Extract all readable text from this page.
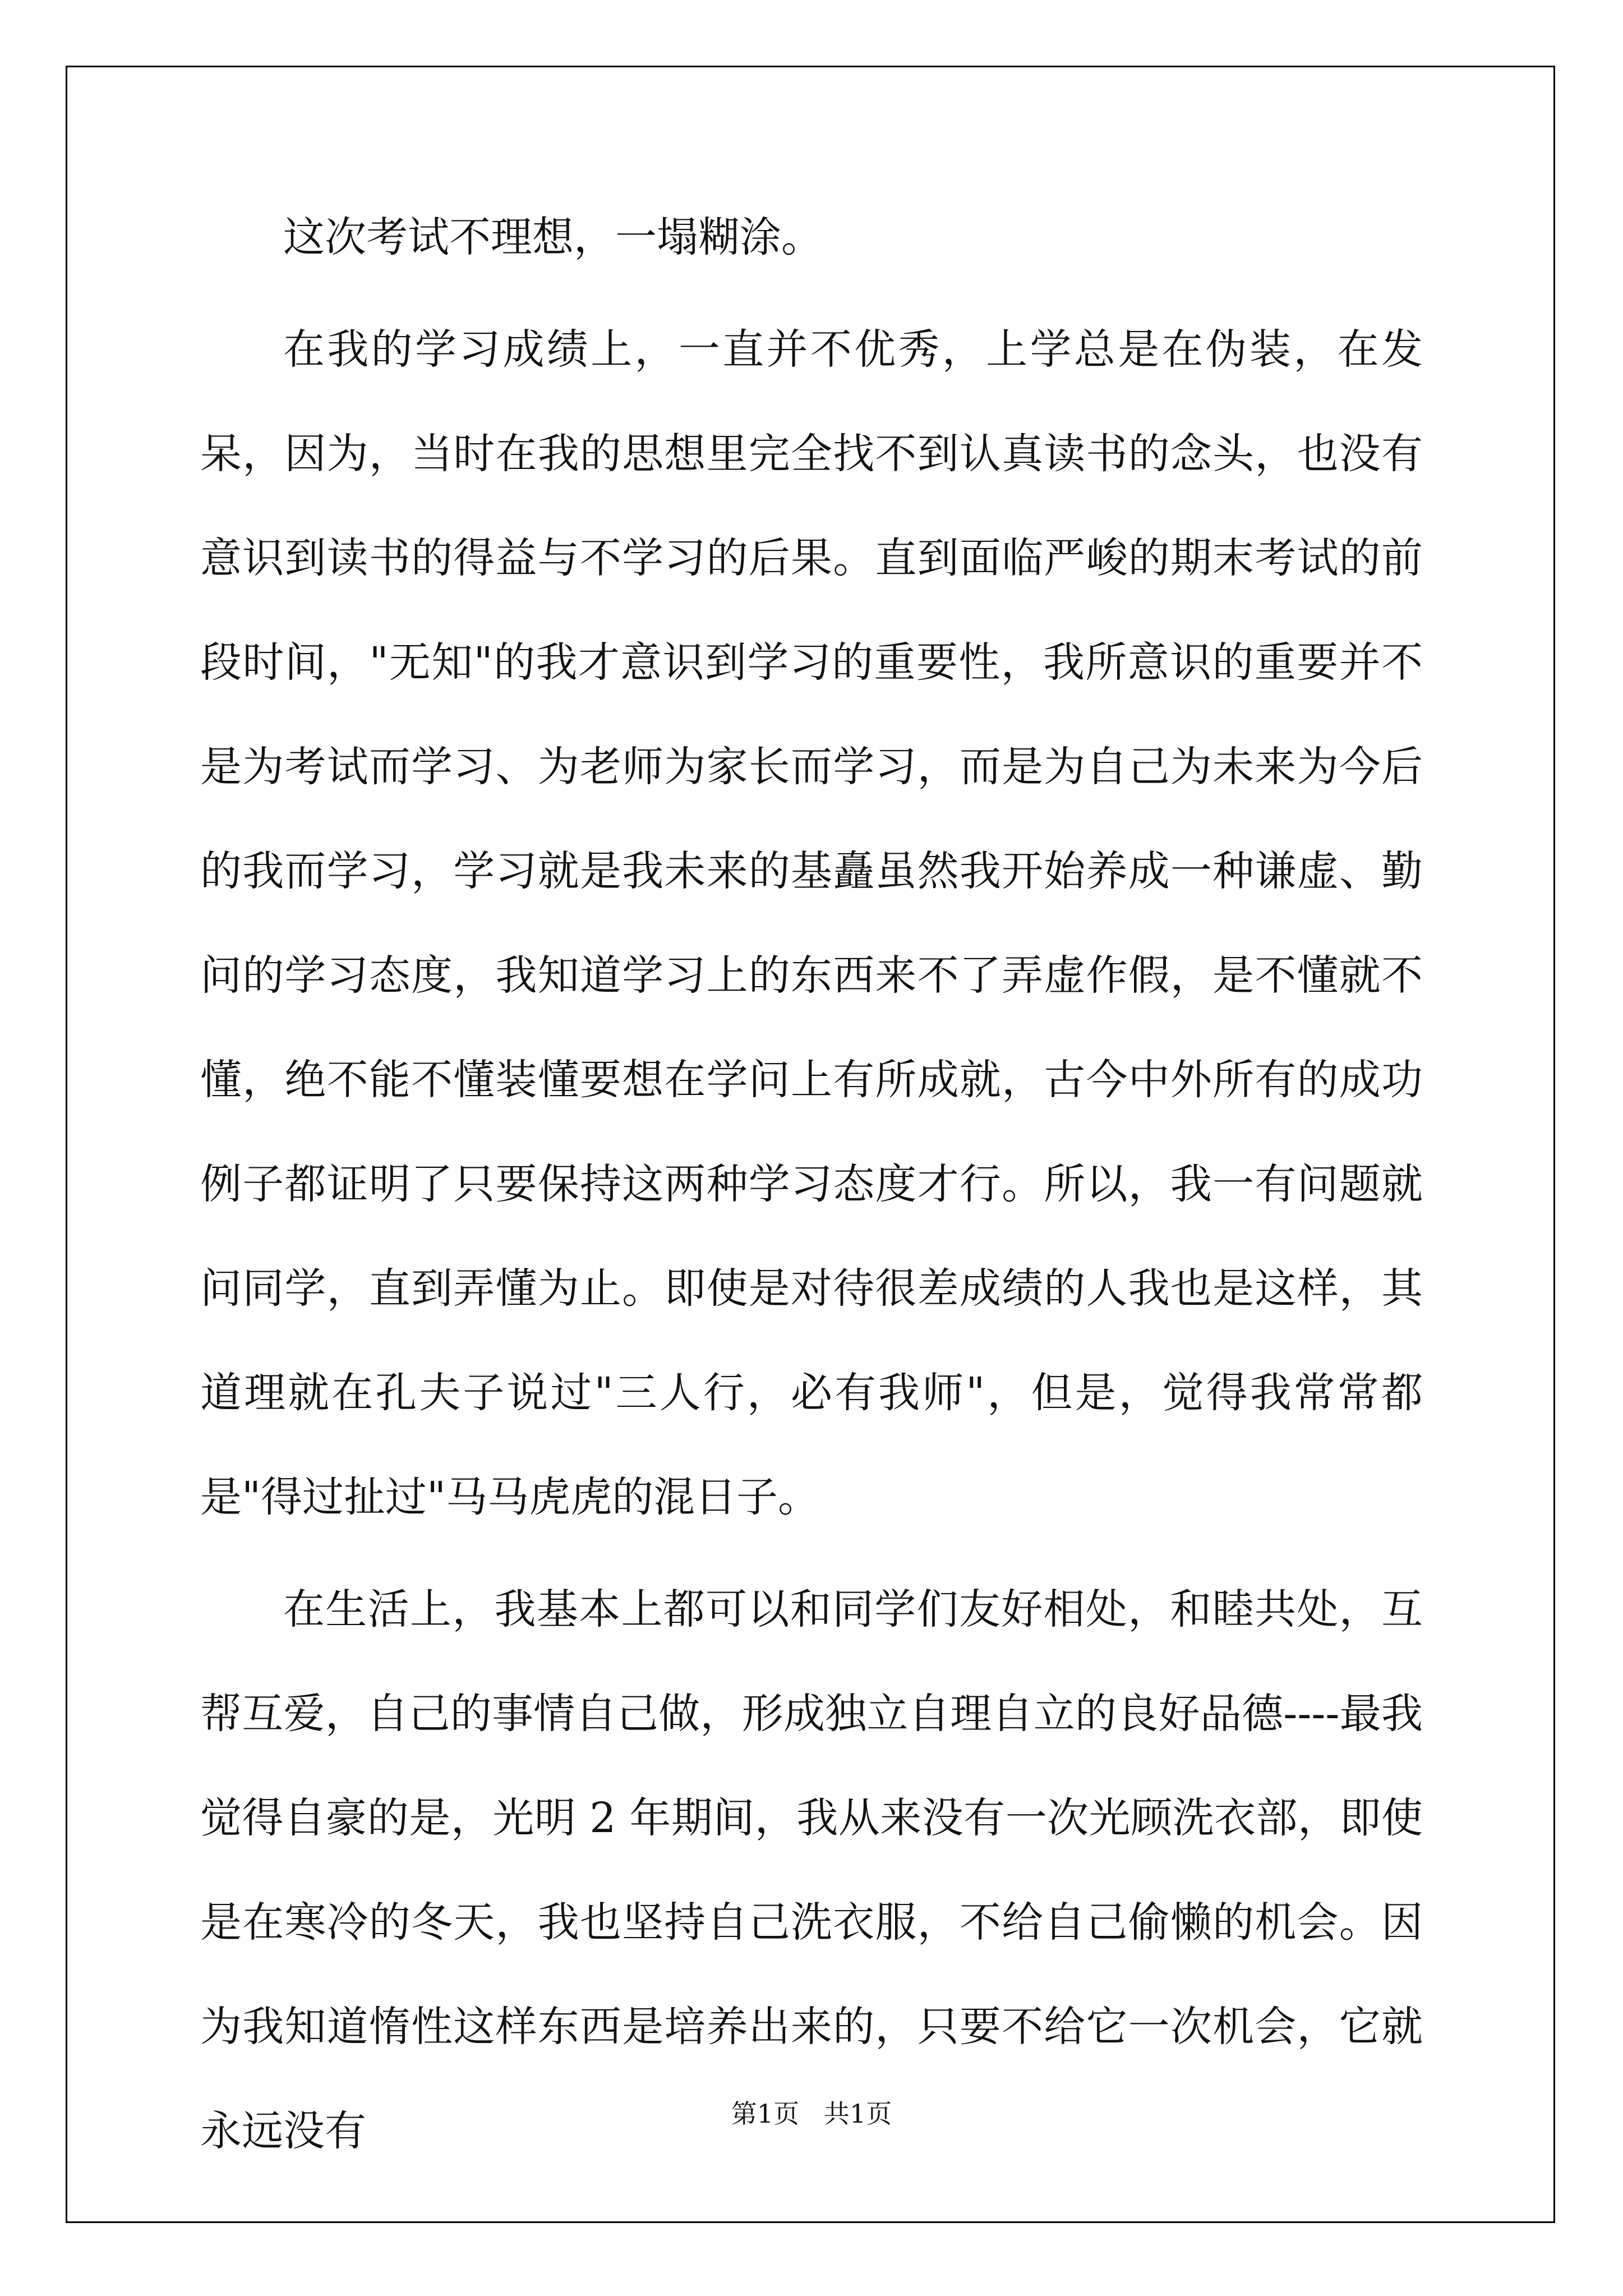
这次考试不理想，一塌糊涂。

在我的学习成绩上，一直并不优秀，上学总是在伪装，在发呆，因为，当时在我的思想里完全找不到认真读书的念头，也没有意识到读书的得益与不学习的后果。直到面临严峻的期末考试的前段时间，"无知"的我才意识到学习的重要性，我所意识的重要并不是为考试而学习、为老师为家长而学习，而是为自己为未来为今后的我而学习，学习就是我未来的基矗虽然我开始养成一种谦虚、勤问的学习态度，我知道学习上的东西来不了弄虚作假，是不懂就不懂，绝不能不懂装懂要想在学问上有所成就，古今中外所有的成功例子都证明了只要保持这两种学习态度才行。所以，我一有问题就问同学，直到弄懂为止。即使是对待很差成绩的人我也是这样，其道理就在孔夫子说过"三人行，必有我师"，但是，觉得我常常都是"得过扯过"马马虎虎的混日子。

在生活上，我基本上都可以和同学们友好相处，和睦共处，互帮互爱，自己的事情自己做，形成独立自理自立的良好品德----最我觉得自豪的是，光明 2 年期间，我从来没有一次光顾洗衣部，即使是在寒冷的冬天，我也坚持自己洗衣服，不给自己偷懒的机会。因为我知道惰性这样东西是培养出来的，只要不给它一次机会，它就永远没有	第1页   共1页
